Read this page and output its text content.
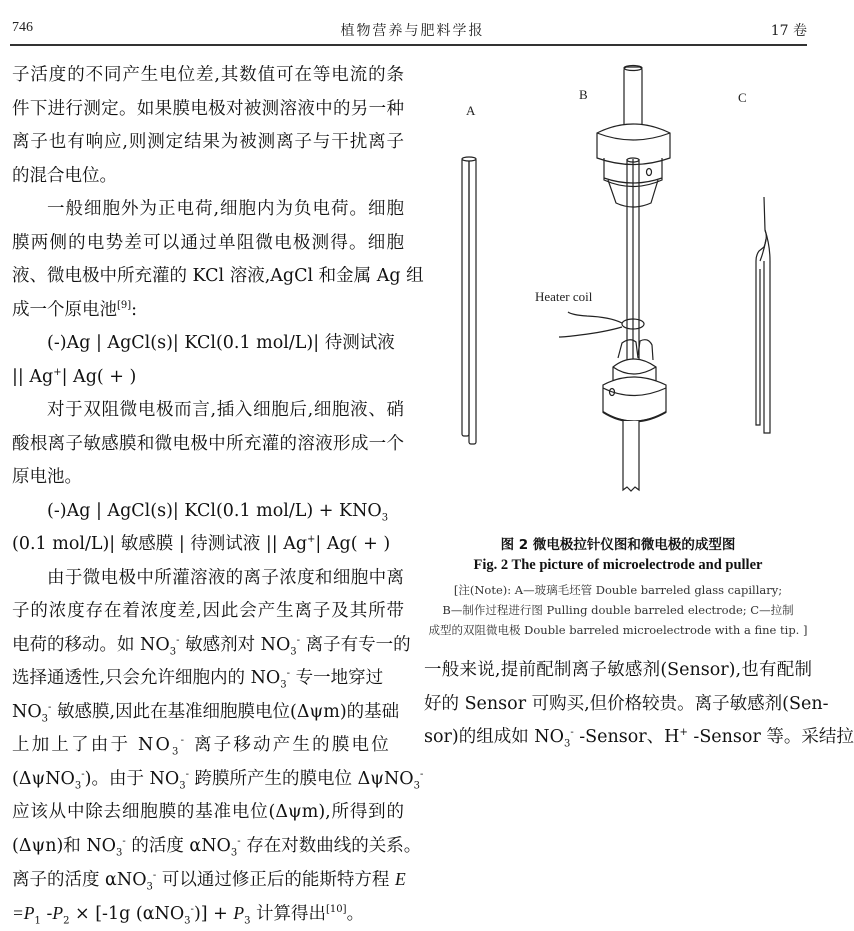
746	植物营养与肥料学报	17 卷
子活度的不同产生电位差,其数值可在等电流的条
件下进行测定。如果膜电极对被测溶液中的另一种
离子也有响应,则测定结果为被测离子与干扰离子
的混合电位。
一般细胞外为正电荷,细胞内为负电荷。细胞
膜两侧的电势差可以通过单阻微电极测得。细胞
液、微电极中所充灌的 KCl 溶液,AgCl 和金属 Ag 组
成一个原电池[9]:
(-)Ag | AgCl(s)| KCl(0.1 mol/L)| 待测试液
|| Ag+| Ag( + )
对于双阻微电极而言,插入细胞后,细胞液、硝
酸根离子敏感膜和微电极中所充灌的溶液形成一个
原电池。
(-)Ag | AgCl(s)| KCl(0.1 $mol/L) + KNO_3$
(0.1 mol/L)| 敏感膜 | 待测试液 || Ag+| Ag( + )
由于微电极中所灌溶液的离子浓度和细胞中离
子的浓度存在着浓度差,因此会产生离子及其所带
电荷的移动。如 $NO_3^-$ 敏感剂对 $NO_3^-$ 离子有专一的
选择通透性,只会允许细胞内的 $NO_3^-$ 专一地穿过
$NO_3^-$ 敏感膜,因此在基准细胞膜电位(Δψm)的基础
上加上了由于 $NO_3^-$ 离子移动产生的膜电位
(ΔψNO$_3$-)。由于 $NO_3^-$ 跨膜所产生的膜电位 ΔψNO$_3$-
应该从中除去细胞膜的基准电位(Δψm),所得到的
(Δψn)和 $NO_3^-$ 的活度 αNO$_3$- 存在对数曲线的关系。
离子的活度 αNO$_3$- 可以通过修正后的能斯特方程 E
$=P_1$ $-P_2 \times [-1g$ $(\alpha NO_3^-)] + P_3$ 计算得出[10]。
A
B	C
Heater coil
图 2 微电极拉针仪图和微电极的成型图
Fig. 2 The picture of microelectrode and puller
[注(Note): A—玻璃毛坯管 Double barreled glass capillary;
B—制作过程进行图 Pulling double barreled electrode; C—拉制
成型的双阻微电极 Double barreled microelectrode with a fine tip. ]
一般来说,提前配制离子敏感剂(Sensor),也有配制
好的 Sensor 可购买,但价格较贵。离子敏感剂(Sen-
sor)的组成如 $NO_3^-$ -Sensor、H+ -Sensor 等。采结拉
